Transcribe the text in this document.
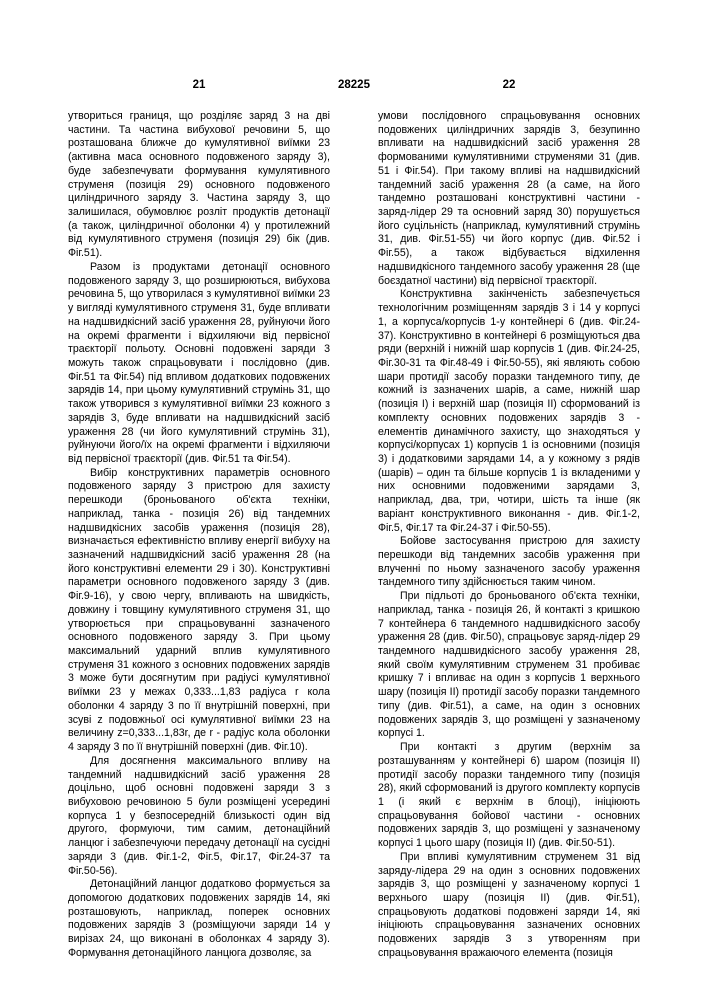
21	28225	22

утвориться границя, що розділяє заряд 3 на дві частини. Та частина вибухової речовини 5, що розташована ближче до кумулятивної виїмки 23 (активна маса основного подовженого заряду 3), буде забезпечувати формування кумулятивного струменя (позиція 29) основного подовженого циліндричного заряду 3. Частина заряду 3, що залишилася, обумовлює розліт продуктів детонації (а також, циліндричної оболонки 4) у протилежний від кумулятивного струменя (позиція 29) бік (див. Фіг.51).

Разом із продуктами детонації основного подовженого заряду 3, що розширюються, вибухова речовина 5, що утворилася з кумулятивної виїмки 23 у вигляді кумулятивного струменя 31, буде впливати на надшвидкісний засіб ураження 28, руйнуючи його на окремі фрагменти і відхиляючи від первісної траєкторії польоту. Основні подовжені заряди 3 можуть також спрацьовувати і послідовно (див. Фіг.51 та Фіг.54) під впливом додаткових подовжених зарядів 14, при цьому кумулятивний струмінь 31, що також утворився з кумулятивної виїмки 23 кожного з зарядів 3, буде впливати на надшвидкісний засіб ураження 28 (чи його кумулятивний струмінь 31), руйнуючи його/їх на окремі фрагменти і відхиляючи від первісної траєкторії (див. Фіг.51 та Фіг.54).

Вибір конструктивних параметрів основного подовженого заряду 3 пристрою для захисту перешкоди (броньованого об'єкта техніки, наприклад, танка - позиція 26) від тандемних надшвидкісних засобів ураження (позиція 28), визначається ефективністю впливу енергії вибуху на зазначений надшвидкісний засіб ураження 28 (на його конструктивні елементи 29 і 30). Конструктивні параметри основного подовженого заряду 3 (див. Фіг.9-16), у свою чергу, впливають на швидкість, довжину і товщину кумулятивного струменя 31, що утворюється при спрацьовуванні зазначеного основного подовженого заряду 3. При цьому максимальний ударний вплив кумулятивного струменя 31 кожного з основних подовжених зарядів 3 може бути досягнутим при радіусі кумулятивної виїмки 23 у межах 0,333...1,83 радіуса r кола оболонки 4 заряду 3 по її внутрішній поверхні, при зсуві z подовжньої осі кумулятивної виїмки 23 на величину z=0,333...1,83r, де r - радіус кола оболонки 4 заряду 3 по її внутрішній поверхні (див. Фіг.10).

Для досягнення максимального впливу на тандемний надшвидкісний засіб ураження 28 доцільно, щоб основні подовжені заряди 3 з вибуховою речовиною 5 були розміщені усередині корпуса 1 у безпосередній близькості один від другого, формуючи, тим самим, детонаційний ланцюг і забезпечуючи передачу детонації на сусідні заряди 3 (див. Фіг.1-2, Фіг.5, Фіг.17, Фіг.24-37 та Фіг.50-56).

Детонаційний ланцюг додатково формується за допомогою додаткових подовжених зарядів 14, які розташовують, наприклад, поперек основних подовжених зарядів 3 (розміщуючи заряди 14 у вирізах 24, що виконані в оболонках 4 заряду 3). Формування детонаційного ланцюга дозволяє, за

умови послідовного спрацьовування основних подовжених циліндричних зарядів 3, безупинно впливати на надшвидкісний засіб ураження 28 формованими кумулятивними струменями 31 (див. 51 і Фіг.54). При такому впливі на надшвидкісний тандемний засіб ураження 28 (а саме, на його тандемно розташовані конструктивні частини - заряд-лідер 29 та основний заряд 30) порушується його суцільність (наприклад, кумулятивний струмінь 31, див. Фіг.51-55) чи його корпус (див. Фіг.52 і Фіг.55), а також відбувається відхилення надшвидкісного тандемного засобу ураження 28 (ще боєздатної частини) від первісної траєкторії.

Конструктивна закінченість забезпечується технологічним розміщенням зарядів 3 і 14 у корпусі 1, а корпуса/корпусів 1-у контейнері 6 (див. Фіг.24-37). Конструктивно в контейнері 6 розміщуються два ряди (верхній і нижній шар корпусів 1 (див. Фіг.24-25, Фіг.30-31 та Фіг.48-49 і Фіг.50-55), які являють собою шари протидії засобу поразки тандемного типу, де кожний із зазначених шарів, а саме, нижній шар (позиція I) і верхній шар (позиція II) сформований із комплекту основних подовжених зарядів 3 - елементів динамічного захисту, що знаходяться у корпусі/корпусах 1) корпусів 1 із основними (позиція 3) і додатковими зарядами 14, а у кожному з рядів (шарів) – один та більше корпусів 1 із вкладеними у них основними подовженими зарядами 3, наприклад, два, три, чотири, шість та інше (як варіант конструктивного виконання - див. Фіг.1-2, Фіг.5, Фіг.17 та Фіг.24-37 і Фіг.50-55).

Бойове застосування пристрою для захисту перешкоди від тандемних засобів ураження при влученні по ньому зазначеного засобу ураження тандемного типу здійснюється таким чином.

При підльоті до броньованого об'єкта техніки, наприклад, танка - позиція 26, й контакті з кришкою 7 контейнера 6 тандемного надшвидкісного засобу ураження 28 (див. Фіг.50), спрацьовує заряд-лідер 29 тандемного надшвидкісного засобу ураження 28, який своїм кумулятивним струменем 31 пробиває кришку 7 і впливає на один з корпусів 1 верхнього шару (позиція II) протидії засобу поразки тандемного типу (див. Фіг.51), а саме, на один з основних подовжених зарядів 3, що розміщені у зазначеному корпусі 1.

При контакті з другим (верхнім за розташуванням у контейнері 6) шаром (позиція II) протидії засобу поразки тандемного типу (позиція 28), який сформований із другого комплекту корпусів 1 (і який є верхнім в блоці), ініціюють спрацьовування бойової частини - основних подовжених зарядів 3, що розміщені у зазначеному корпусі 1 цього шару (позиція II) (див. Фіг.50-51).

При впливі кумулятивним струменем 31 від заряду-лідера 29 на один з основних подовжених зарядів 3, що розміщені у зазначеному корпусі 1 верхнього шару (позиція II) (див. Фіг.51), спрацьовують додаткові подовжені заряди 14, які ініціюють спрацьовування зазначених основних подовжених зарядів 3 з утворенням при спрацьовування вражаючого елемента (позиція
